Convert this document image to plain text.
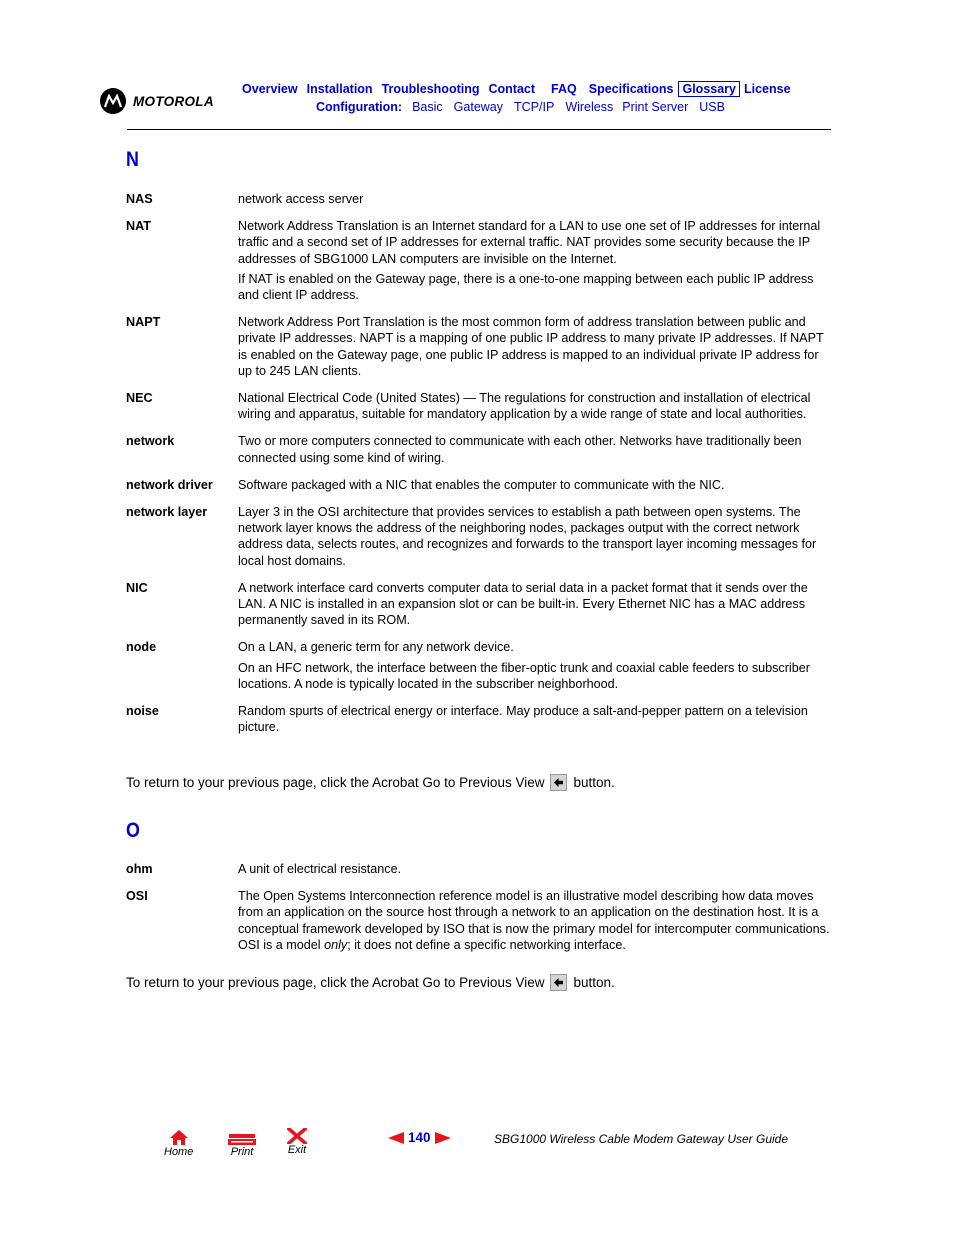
MOTOROLA
Overview Installation Troubleshooting Contact FAQ Specifications Glossary License
Configuration: Basic Gateway TCP/IP Wireless Print Server USB
N
NAS	network access server

NAT	Network Address Translation is an Internet standard for a LAN to use one set of IP addresses for internal traffic and a second set of IP addresses for external traffic. NAT provides some security because the IP addresses of SBG1000 LAN computers are invisible on the Internet.

If NAT is enabled on the Gateway page, there is a one-to-one mapping between each public IP address and client IP address.

NAPT	Network Address Port Translation is the most common form of address translation between public and private IP addresses. NAPT is a mapping of one public IP address to many private IP addresses. If NAPT is enabled on the Gateway page, one public IP address is mapped to an individual private IP address for up to 245 LAN clients.

NEC	National Electrical Code (United States) — The regulations for construction and installation of electrical wiring and apparatus, suitable for mandatory application by a wide range of state and local authorities.

network	Two or more computers connected to communicate with each other. Networks have traditionally been connected using some kind of wiring.

network driver	Software packaged with a NIC that enables the computer to communicate with the NIC.

network layer	Layer 3 in the OSI architecture that provides services to establish a path between open systems. The network layer knows the address of the neighboring nodes, packages output with the correct network address data, selects routes, and recognizes and forwards to the transport layer incoming messages for local host domains.

NIC	A network interface card converts computer data to serial data in a packet format that it sends over the LAN. A NIC is installed in an expansion slot or can be built-in. Every Ethernet NIC has a MAC address permanently saved in its ROM.

node	On a LAN, a generic term for any network device.

On an HFC network, the interface between the fiber-optic trunk and coaxial cable feeders to subscriber locations. A node is typically located in the subscriber neighborhood.

noise	Random spurts of electrical energy or interface. May produce a salt-and-pepper pattern on a television picture.

To return to your previous page, click the Acrobat Go to Previous View button.
O
ohm	A unit of electrical resistance.

OSI	The Open Systems Interconnection reference model is an illustrative model describing how data moves from an application on the source host through a network to an application on the destination host. It is a conceptual framework developed by ISO that is now the primary model for intercomputer communications. OSI is a model only; it does not define a specific networking interface.

To return to your previous page, click the Acrobat Go to Previous View button.
Home	Print	Exit
140	SBG1000 Wireless Cable Modem Gateway User Guide
